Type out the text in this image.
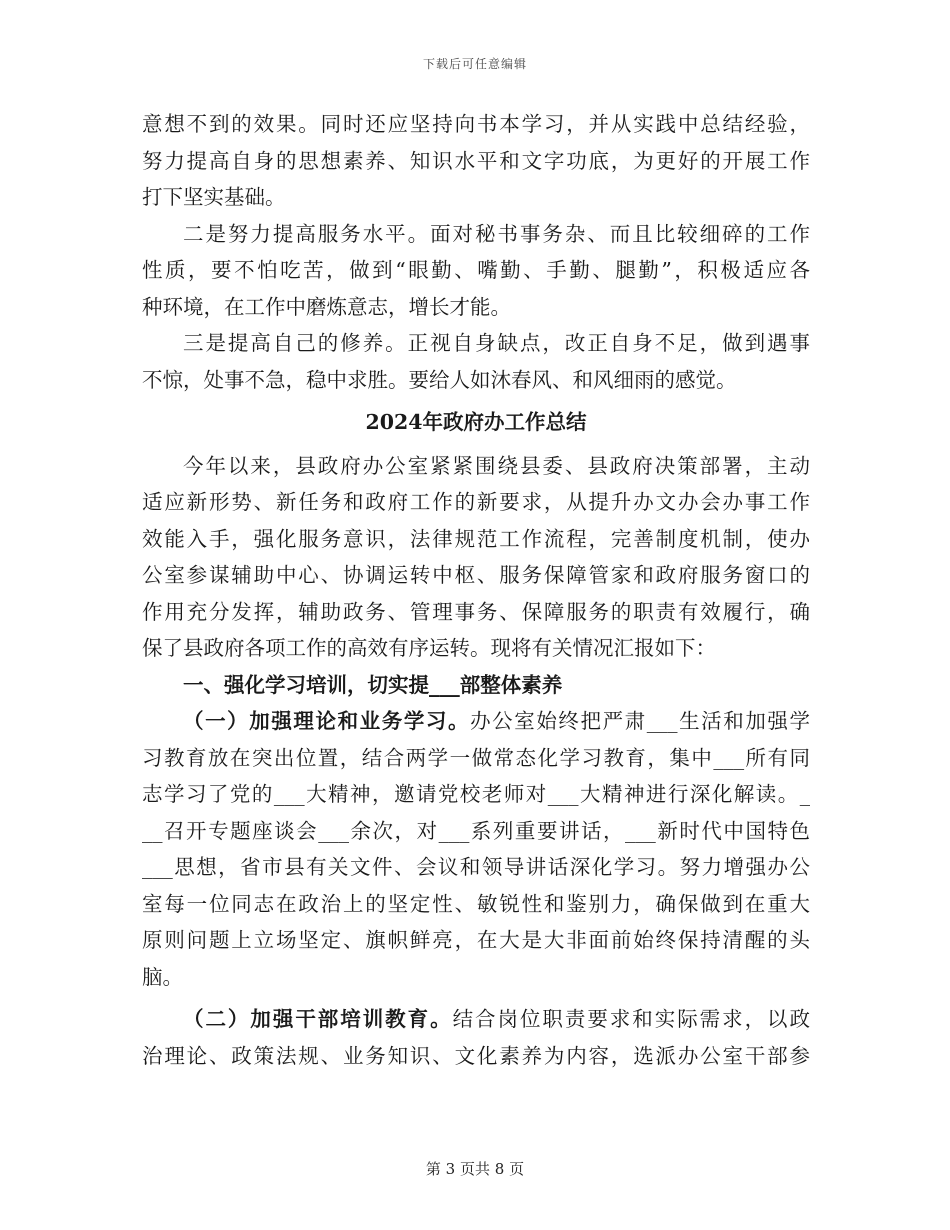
下载后可任意编辑
意想不到的效果。同时还应坚持向书本学习，并从实践中总结经验，
努力提高自身的思想素养、知识水平和文字功底，为更好的开展工作
打下坚实基础。
二是努力提高服务水平。面对秘书事务杂、而且比较细碎的工作
性质，要不怕吃苦，做到“眼勤、嘴勤、手勤、腿勤”，积极适应各
种环境，在工作中磨炼意志，增长才能。
三是提高自己的修养。正视自身缺点，改正自身不足，做到遇事
不惊，处事不急，稳中求胜。要给人如沐春风、和风细雨的感觉。
2024年政府办工作总结
今年以来，县政府办公室紧紧围绕县委、县政府决策部署，主动
适应新形势、新任务和政府工作的新要求，从提升办文办会办事工作
效能入手，强化服务意识，法律规范工作流程，完善制度机制，使办
公室参谋辅助中心、协调运转中枢、服务保障管家和政府服务窗口的
作用充分发挥，辅助政务、管理事务、保障服务的职责有效履行，确
保了县政府各项工作的高效有序运转。现将有关情况汇报如下：
一、强化学习培训，切实提___部整体素养
（一）加强理论和业务学习。办公室始终把严肃___生活和加强学
习教育放在突出位置，结合两学一做常态化学习教育，集中___所有同
志学习了党的___大精神，邀请党校老师对___大精神进行深化解读。_
__召开专题座谈会___余次，对___系列重要讲话，___新时代中国特色
___思想，省市县有关文件、会议和领导讲话深化学习。努力增强办公
室每一位同志在政治上的坚定性、敏锐性和鉴别力，确保做到在重大
原则问题上立场坚定、旗帜鲜亮，在大是大非面前始终保持清醒的头
脑。
（二）加强干部培训教育。结合岗位职责要求和实际需求，以政
治理论、政策法规、业务知识、文化素养为内容，选派办公室干部参
第 3 页共 8 页
